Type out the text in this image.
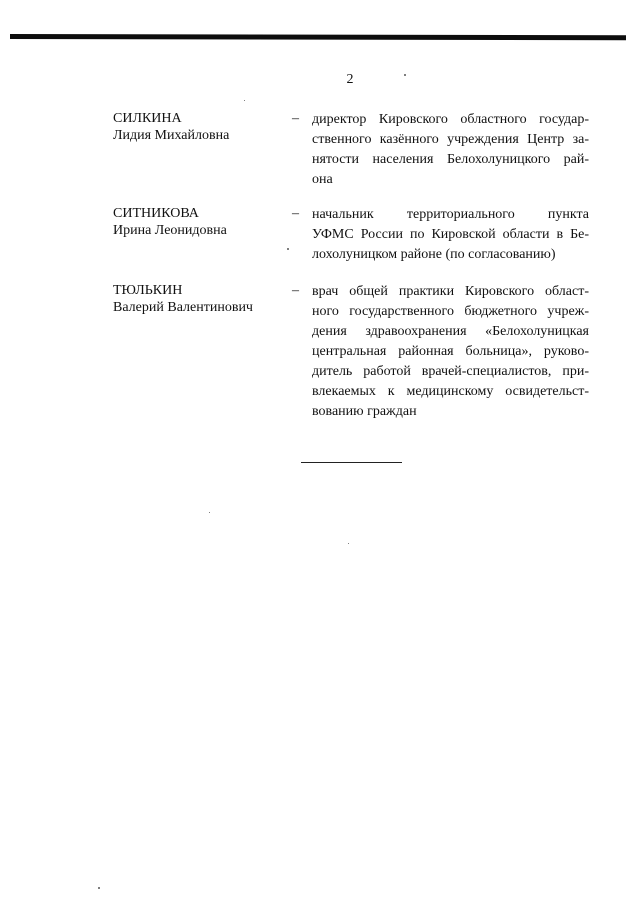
2
СИЛКИНА
Лидия Михайловна
– директор Кировского областного государ-
ственного казённого учреждения Центр за-
нятости населения Белохолуницкого рай-
она
СИТНИКОВА
Ирина Леонидовна
– начальник территориального пункта
УФМС России по Кировской области в Бе-
лохолуницком районе (по согласованию)
ТЮЛЬКИН
Валерий Валентинович
– врач общей практики Кировского област-
ного государственного бюджетного учреж-
дения здравоохранения «Белохолуницкая
центральная районная больница», руково-
дитель работой врачей-специалистов, при-
влекаемых к медицинскому освидетельст-
вованию граждан
